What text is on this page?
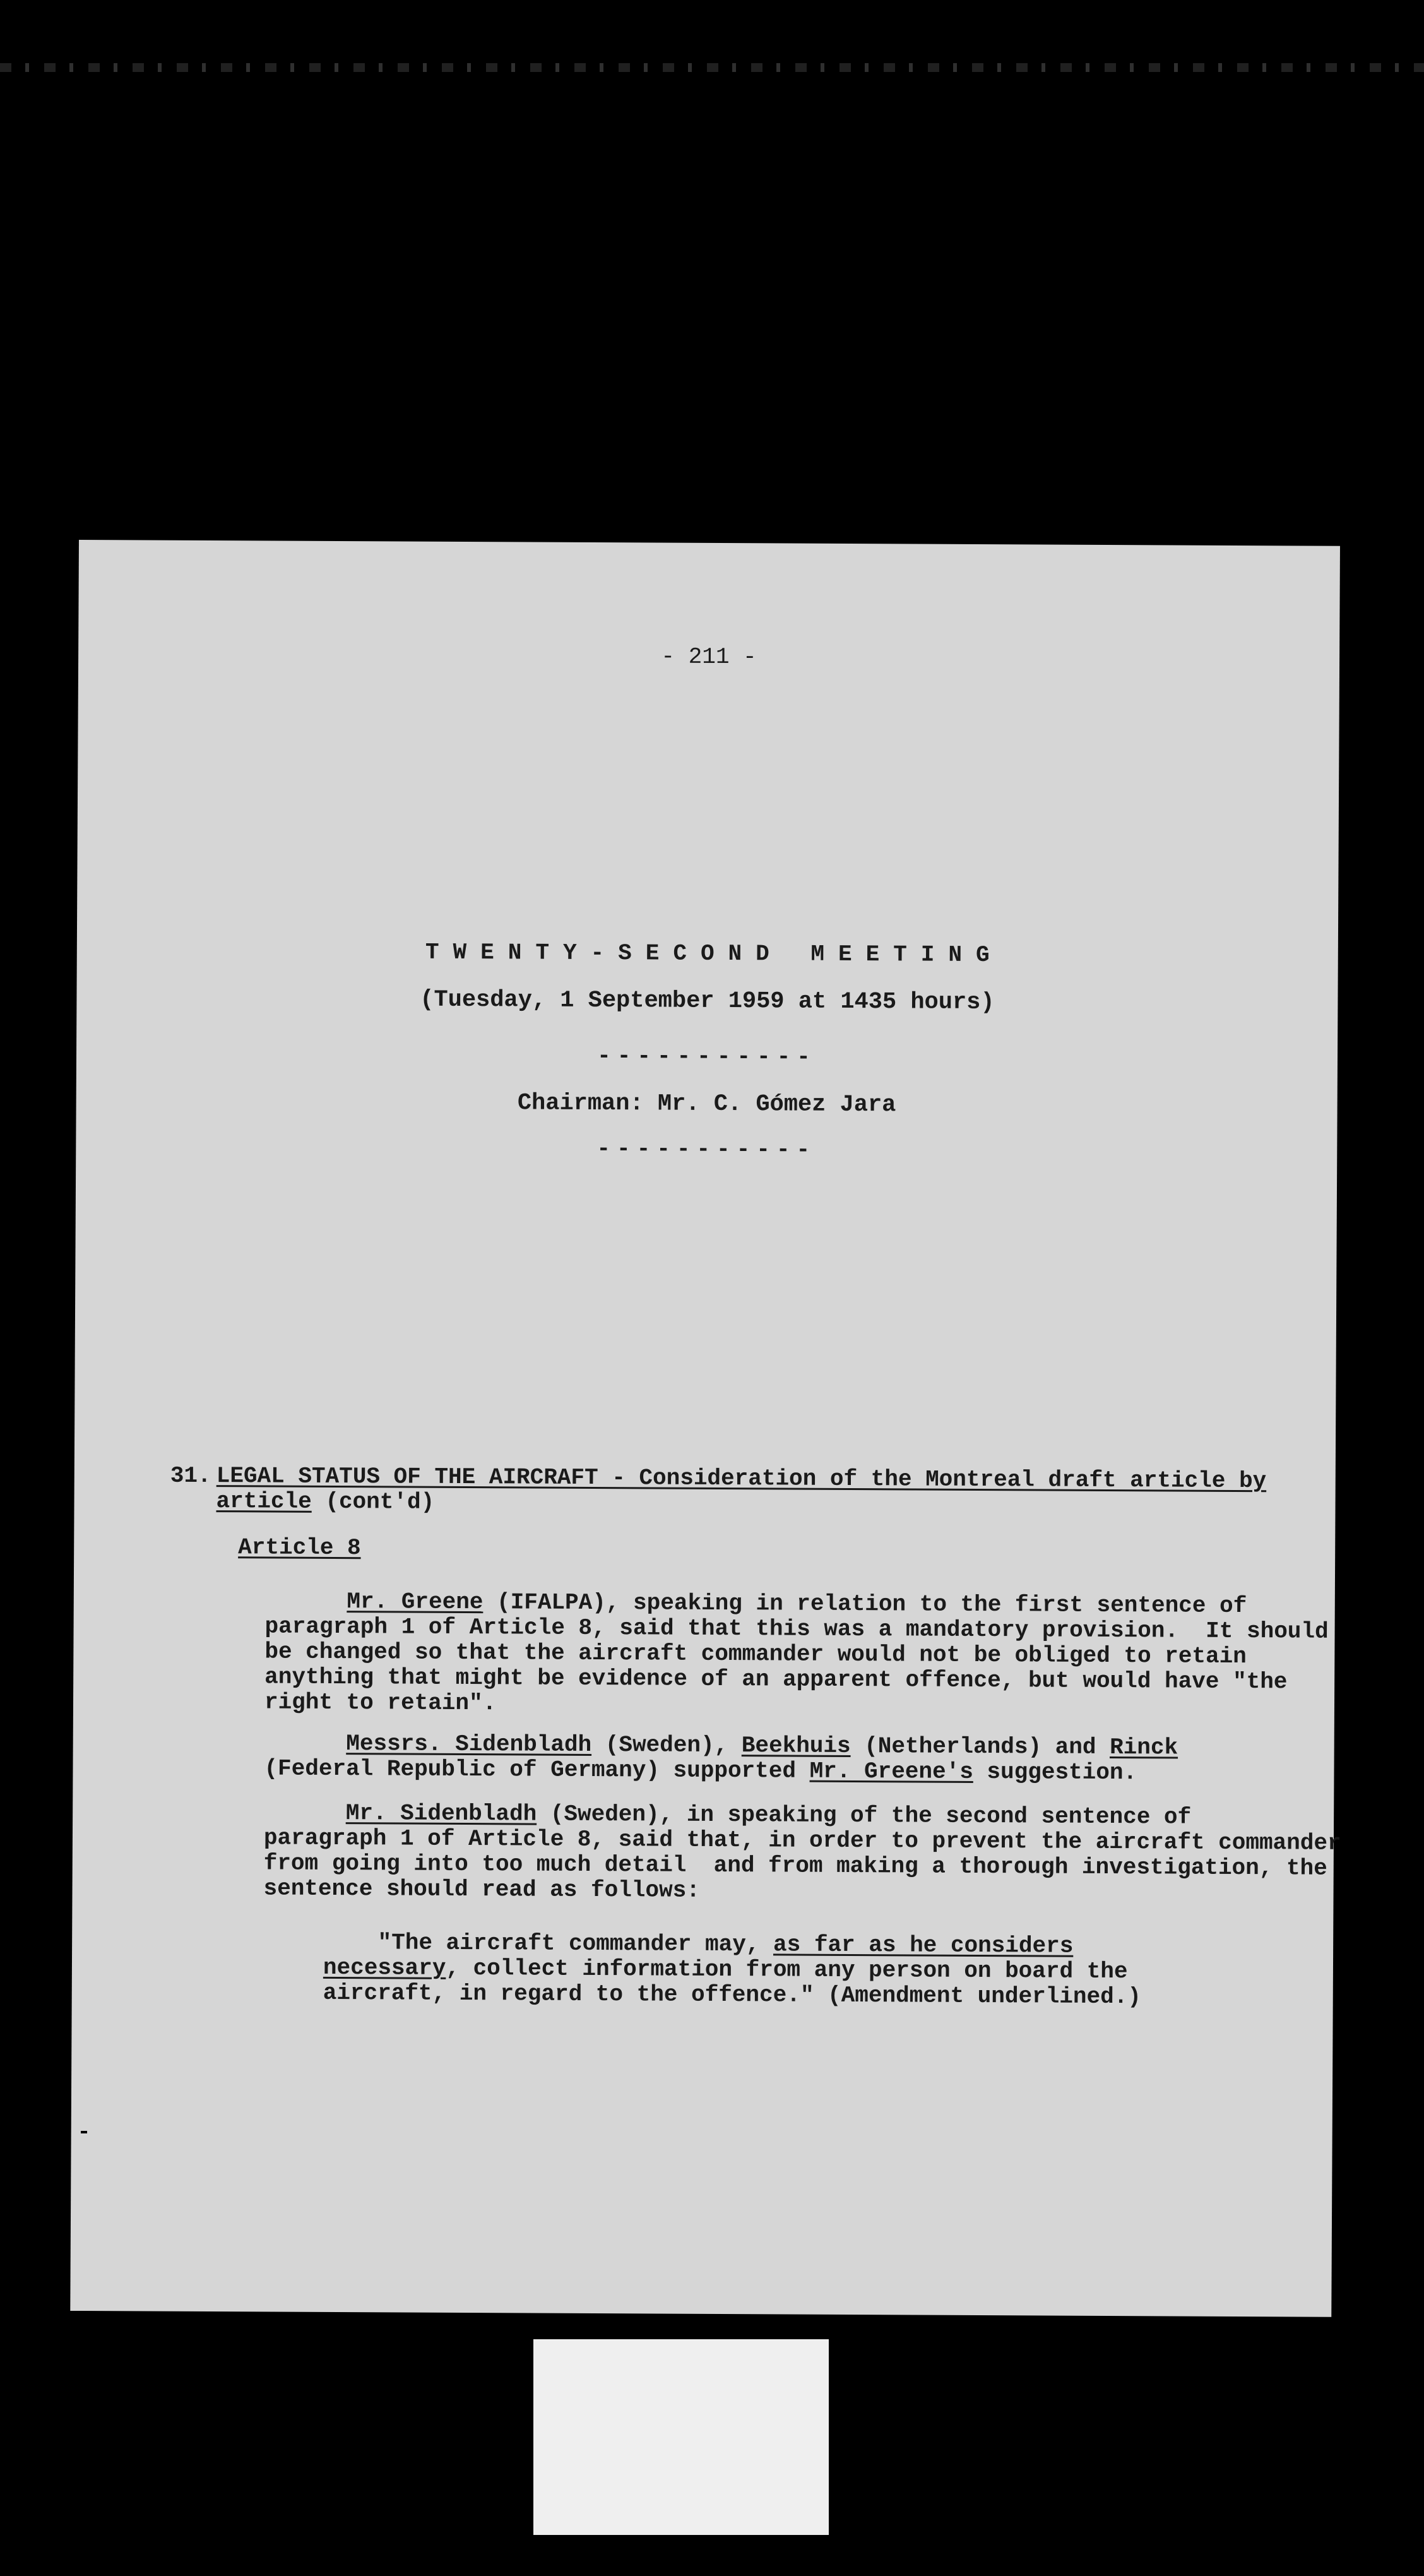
- 211 -
TWENTY-SECOND MEETING
(Tuesday, 1 September 1959 at 1435 hours)
-----------
Chairman: Mr. C. Gómez Jara
-----------
31. LEGAL STATUS OF THE AIRCRAFT - Consideration of the Montreal draft article by
article (cont'd)
Article 8
Mr. Greene (IFALPA), speaking in relation to the first sentence of
paragraph 1 of Article 8, said that this was a mandatory provision.  It should
be changed so that the aircraft commander would not be obliged to retain
anything that might be evidence of an apparent offence, but would have "the
right to retain".
Messrs. Sidenbladh (Sweden), Beekhuis (Netherlands) and Rinck
(Federal Republic of Germany) supported Mr. Greene's suggestion.
Mr. Sidenbladh (Sweden), in speaking of the second sentence of
paragraph 1 of Article 8, said that, in order to prevent the aircraft commander
from going into too much detail  and from making a thorough investigation, the
sentence should read as follows:
"The aircraft commander may, as far as he considers
necessary, collect information from any person on board the
aircraft, in regard to the offence." (Amendment underlined.)
